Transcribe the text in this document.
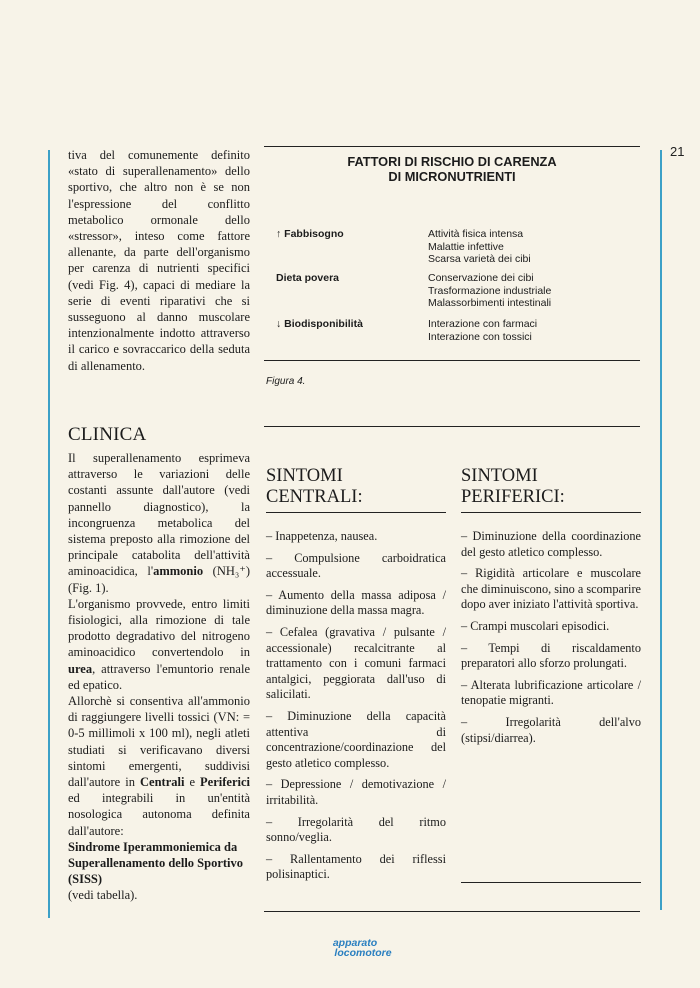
21

tiva del comunemente definito «stato di superallenamento» dello sportivo, che altro non è se non l'espressione del conflitto metabolico ormonale dello «stressor», inteso come fattore allenante, da parte dell'organismo per carenza di nutrienti specifici (vedi Fig. 4), capaci di mediare la serie di eventi riparativi che si susseguono al danno muscolare intenzionalmente indotto attraverso il carico e sovraccarico della seduta di allenamento.

CLINICA

Il superallenamento esprimeva attraverso le variazioni delle costanti assunte dall'autore (vedi pannello diagnostico), la incongruenza metabolica del sistema preposto alla rimozione del principale catabolita dell'attività aminoacidica, l'ammonio (NH₃⁺) (Fig. 1).

L'organismo provvede, entro limiti fisiologici, alla rimozione di tale prodotto degradativo del nitrogeno aminoacidico convertendolo in urea, attraverso l'emuntorio renale ed epatico.

Allorchè si consentiva all'ammonio di raggiungere livelli tossici (VN: = 0-5 millimoli x 100 ml), negli atleti studiati si verificavano diversi sintomi emergenti, suddivisi dall'autore in Centrali e Periferici ed integrabili in un'entità nosologica autonoma definita dall'autore:

Sindrome Iperammoniemica da Superallenamento dello Sportivo (SISS)

(vedi tabella).

FATTORI DI RISCHIO DI CARENZA
DI MICRONUTRIENTI
↑ Fabbisogno	Attività fisica intensa
Malattie infettive
Scarsa varietà dei cibi
Dieta povera	Conservazione dei cibi
Trasformazione industriale
Malassorbimenti intestinali
↓ Biodisponibilità	Interazione con farmaci
Interazione con tossici
Figura 4.
SINTOMI
CENTRALI:
SINTOMI
PERIFERICI:
– Inappetenza, nausea.
– Compulsione carboidratica accessuale.
– Aumento della massa adiposa / diminuzione della massa magra.
– Cefalea (gravativa / pulsante / accessionale) recalcitrante al trattamento con i comuni farmaci antalgici, peggiorata dall'uso di salicilati.
– Diminuzione della capacità attentiva di concentrazione/coordinazione del gesto atletico complesso.
– Depressione / demotivazione / irritabilità.
– Irregolarità del ritmo sonno/veglia.
– Rallentamento dei riflessi polisinaptici.
– Diminuzione della coordinazione del gesto atletico complesso.
– Rigidità articolare e muscolare che diminuiscono, sino a scomparire dopo aver iniziato l'attività sportiva.
– Crampi muscolari episodici.
– Tempi di riscaldamento preparatori allo sforzo prolungati.
– Alterata lubrificazione articolare / tenopatie migranti.
– Irregolarità dell'alvo (stipsi/diarrea).
apparato
locomotore
